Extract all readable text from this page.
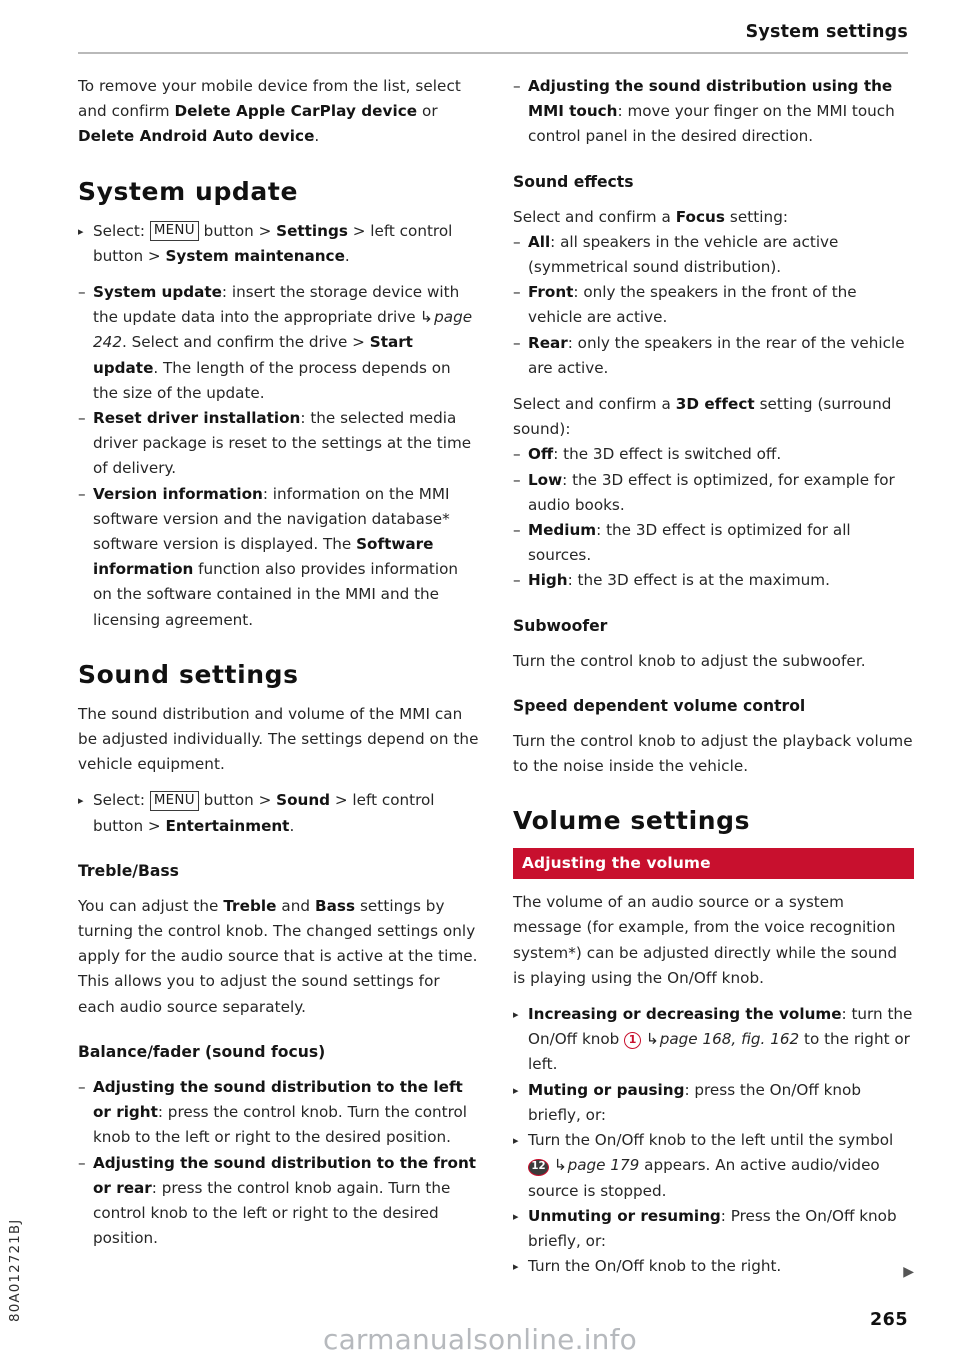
System settings

To remove your mobile device from the list, select and confirm Delete Apple CarPlay device or Delete Android Auto device.

System update
▸ Select: MENU button > Settings > left control button > System maintenance.
– System update: insert the storage device with the update data into the appropriate drive ↳page 242. Select and confirm the drive > Start update. The length of the process depends on the size of the update.
– Reset driver installation: the selected media driver package is reset to the settings at the time of delivery.
– Version information: information on the MMI software version and the navigation database* software version is displayed. The Software information function also provides information on the software contained in the MMI and the licensing agreement.
Sound settings

The sound distribution and volume of the MMI can be adjusted individually. The settings depend on the vehicle equipment.

▸ Select: MENU button > Sound > left control button > Entertainment.
Treble/Bass

You can adjust the Treble and Bass settings by turning the control knob. The changed settings only apply for the audio source that is active at the time. This allows you to adjust the sound settings for each audio source separately.

Balance/fader (sound focus)
– Adjusting the sound distribution to the left or right: press the control knob. Turn the control knob to the left or right to the desired position.
– Adjusting the sound distribution to the front or rear: press the control knob again. Turn the control knob to the left or right to the desired position.
– Adjusting the sound distribution using the MMI touch: move your finger on the MMI touch control panel in the desired direction.
Sound effects

Select and confirm a Focus setting:

– All: all speakers in the vehicle are active (symmetrical sound distribution).
– Front: only the speakers in the front of the vehicle are active.
– Rear: only the speakers in the rear of the vehicle are active.

Select and confirm a 3D effect setting (surround sound):

– Off: the 3D effect is switched off.
– Low: the 3D effect is optimized, for example for audio books.
– Medium: the 3D effect is optimized for all sources.
– High: the 3D effect is at the maximum.
Subwoofer

Turn the control knob to adjust the subwoofer.

Speed dependent volume control

Turn the control knob to adjust the playback volume to the noise inside the vehicle.

Volume settings
Adjusting the volume

The volume of an audio source or a system message (for example, from the voice recognition system*) can be adjusted directly while the sound is playing using the On/Off knob.

▸ Increasing or decreasing the volume: turn the On/Off knob 1 ↳page 168, fig. 162 to the right or left.
▸ Muting or pausing: press the On/Off knob briefly, or:
▸ Turn the On/Off knob to the left until the symbol 12 ↳page 179 appears. An active audio/video source is stopped.
▸ Unmuting or resuming: Press the On/Off knob briefly, or:
▸ Turn the On/Off knob to the right.	▶
80A012721BJ	265
carmanualsonline.info
